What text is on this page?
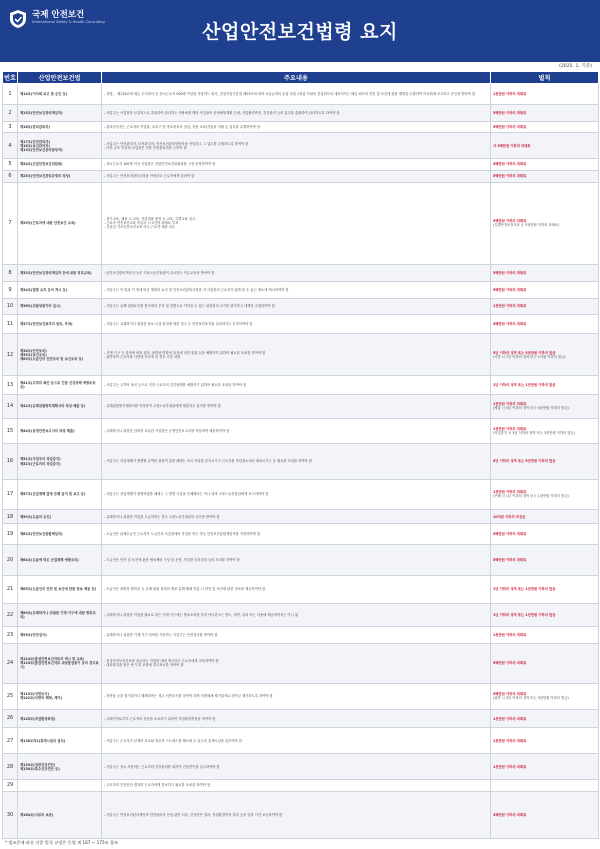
국제 안전보건
International Safety & Health Consulting	산업안전보건법령 요지
(2025. 1. 기준)
번호	산업안전보건법	주요내용	벌칙
1	제14조(이사회 보고 및 승인 등)	- 상법」 제170조에 따른 주식회사 중 상시근로자 500명 이상을 사용하는 회사, 건설산업기본법 제23조에 따라 시공능력의 순위 상위 1천위 이내의 건설회사의 대표이사는 매년 회사의 안전 및 보건에 관한 계획을 수립하여 이사회에 보고하고 승인을 받아야 함	1천만원 이하의 과태료

2	제15조(안전보건관리책임자)	- 사업주는 사업장을 실질적으로 총괄하여 관리하는 사람에게 해당 사업장의 산재예방계획 수립, 작업환경측정, 건강관리 등의 업무를 총괄하여 관리하도록 하여야 함	5백만원 이하의 과태료

3	제16조(관리감독자)	- 관리감독자는 근로자의 작업복, 보호구 및 방호장치의 점검, 착용 교육/작업의 지휘 등 업무를 수행하여야 함	5백만원 이하의 과태료

4	제17조(안전관리자)
제18조(보건관리자)
제19조(안전보건관리담당자)	- 사업주는 안전관리자, 보건관리자, 안전보건관리담당자를 선임하고 그 업무를 수행하도록 하여야 함
- 다만 규모 이상의 사업장은 전담 안전관리자를 두어야 함	각 5백만원 이하의 과태료

5	제24조(산업안전보건위원회)	- 상시근로자 100명 이상 사업장은 산업안전보건위원회를 구성·운영하여야 함	5백만원 이하의 과태료

6	제25조(안전보건관리규정의 작성)	- 사업주는 안전보건관리규정을 작성하고 근로자에게 알려야 함	5백만원 이하의 과태료

7	제29조(근로자에 대한 안전보건 교육)	- 정기교육, 채용 시 교육, 작업내용 변경 시 교육, 특별교육 실시
- 근로자 안전보건교육 미실시 시 1인당 과태료 부과
- 건설업 기초안전보건교육 이수 근로자 채용 의무	5백만원 이하의 과태료
(특별안전보건교육 등 3천만원 이하의 과태료)
8	제32조(안전보건관리책임자 등에 대한 직무교육)	- 안전보건관리책임자 등은 고용노동부장관이 실시하는 직무교육을 받아야 함	5백만원 이하의 과태료

9	제34조(법령 요지 등의 게시 등)	- 사업주는 이 법과 이 법에 따른 명령의 요지 및 안전보건관리규정을 각 사업장의 근로자가 쉽게 볼 수 있는 장소에 게시하여야 함	5백만원 이하의 과태료

10	제36조(위험성평가의 실시)	- 사업주는 유해·위험요인을 찾아내어 부상 및 질병으로 이어질 수 있는 위험성의 크기를 평가하고 대책을 수립하여야 함	1천만원 이하의 과태료

11	제37조(안전보건표지의 설치, 부착)	- 사업주는 유해하거나 위험한 장소·시설·물질에 대한 경고 등 안전보건표지를 설치하거나 부착하여야 함	5백만원 이하의 과태료

12	제38조(안전조치)
제39조(보건조치)
제63조(도급인의 안전조치 및 보건조치 등)	- 기계·기구 등 설비에 의한 위험, 폭발성·발화성 물질에 의한 위험 등을 예방하기 위하여 필요한 조치를 하여야 함
- 위반하여 근로자를 사망에 이르게 한 경우 가중 처벌	5년 이하의 징역 또는 5천만원 이하의 벌금
(사망 시 7년 이하의 징역 또는 1억원 이하의 벌금)
13	제41조(고객의 폭언 등으로 인한 건강장해 예방조치 등)	- 사업주는 고객의 폭언 등으로 인한 근로자의 건강장해를 예방하기 위하여 필요한 조치를 하여야 함	1년 이하의 징역 또는 1천만원 이하의 벌금

14	제42조(유해위험방지계획서의 작성·제출 등)	- 유해위험방지계획서를 작성하여 고용노동부장관에게 제출하고 심사를 받아야 함	1천만원 이하의 과태료
(제출 시 5년 이하의 징역 또는 5천만원 이하의 벌금)
15	제44조(공정안전보고서의 작성·제출)	- 유해하거나 위험한 설비를 보유한 사업장은 공정안전보고서를 작성하여 제출하여야 함	1천만원 이하의 과태료
(작업중지 시 3년 이하의 징역 또는 3천만원 이하의 벌금)
16	제51조(사업주의 작업중지)
제52조(근로자의 작업중지)	- 사업주는 산업재해가 발생할 급박한 위험이 있을 때에는 즉시 작업을 중지시키고 근로자를 작업장소에서 대피시키는 등 필요한 조치를 하여야 함	5년 이하의 징역 또는 5천만원 이하의 벌금

17	제57조(산업재해 발생 은폐 금지 및 보고 등)	- 사업주는 산업재해가 발생하였을 때에는 그 발생 사실을 은폐해서는 아니 되며 고용노동부장관에게 보고하여야 함	1천만원 이하의 과태료
(은폐 시 1년 이하의 징역 또는 1천만원 이하의 벌금)
18	제59조(도급의 승인)	- 유해하거나 위험한 작업을 도급하려는 경우 고용노동부장관의 승인을 받아야 함	10억원 이하의 과징금

19	제62조(안전보건총괄책임자)	- 도급인은 관계수급인 근로자가 도급인의 사업장에서 작업을 하는 경우 안전보건총괄책임자를 지정하여야 함	5백만원 이하의 과태료

20	제64조(도급에 따른 산업재해 예방조치)	- 도급인은 안전 및 보건에 관한 협의체의 구성 및 운영, 작업장 순회점검 등의 조치를 하여야 함	5백만원 이하의 과태료

21	제65조(도급인의 안전 및 보건에 관한 정보 제공 등)	- 도급인은 폭발성·발화성 등 유해·위험 설비의 개조·분해·해체 작업 시 안전 및 보건에 관한 정보를 제공하여야 함	1년 이하의 징역 또는 1천만원 이하의 벌금

22	제80조(유해하거나 위험한 기계·기구에 대한 방호조치)	- 유해하거나 위험한 작업을 필요로 하는 기계·기구에는 방호조치를 하지 아니하고는 양도, 대여, 설치 또는 사용에 제공하여서는 아니 됨	1년 이하의 징역 또는 1천만원 이하의 벌금

23	제93조(안전검사)	- 유해하거나 위험한 기계·기구·설비를 사용하는 사업주는 안전검사를 받아야 함	1천만원 이하의 과태료

24	제114조(물질안전보건자료의 게시 및 교육)
제115조(물질안전보건자료 대상물질용기 등의 경고표시)	- 물질안전보건자료를 취급하는 작업장 내에 게시하고 근로자에게 교육하여야 함
- 대상물질을 담은 용기 및 포장에 경고표시를 하여야 함	5백만원 이하의 과태료

25	제119조(석면조사)
제122조(석면의 해체, 제거)	- 건축물 등을 철거하거나 해체하려는 경우 석면조사를 하여야 하며 석면해체·제거업자로 하여금 제거하도록 하여야 함	5백만원 이하의 과태료
(위반 시 3년 이하의 징역 또는 3천만원 이하의 벌금)
26	제125조(작업환경측정)	- 유해인자로부터 근로자의 건강을 보호하기 위하여 작업환경측정을 하여야 함	1천만원 이하의 과태료

27	제128조의2(휴게시설의 설치)	- 사업주는 근로자가 신체적 피로와 정신적 스트레스를 해소할 수 있도록 휴게시설을 갖추어야 함	1천만원 이하의 과태료

28	제129조(일반건강진단)
제130조(특수건강진단 등)	- 사업주는 상시 사용하는 근로자의 건강관리를 위하여 건강진단을 실시하여야 함	1천만원 이하의 과태료

29		- 근로자의 건강진단 결과를 근로자에게 통보하고 필요한 조치를 하여야 함	

30	제164조(서류의 보존)	- 사업주는 안전보건관리책임자·안전관리자 선임 관련 서류, 건강진단 결과, 작업환경측정 결과 등을 일정 기간 보존하여야 함	3백만원 이하의 과태료

* 법조문에 따른 각종 벌칙 규정은 동법 제 167 ~ 175조 참조
